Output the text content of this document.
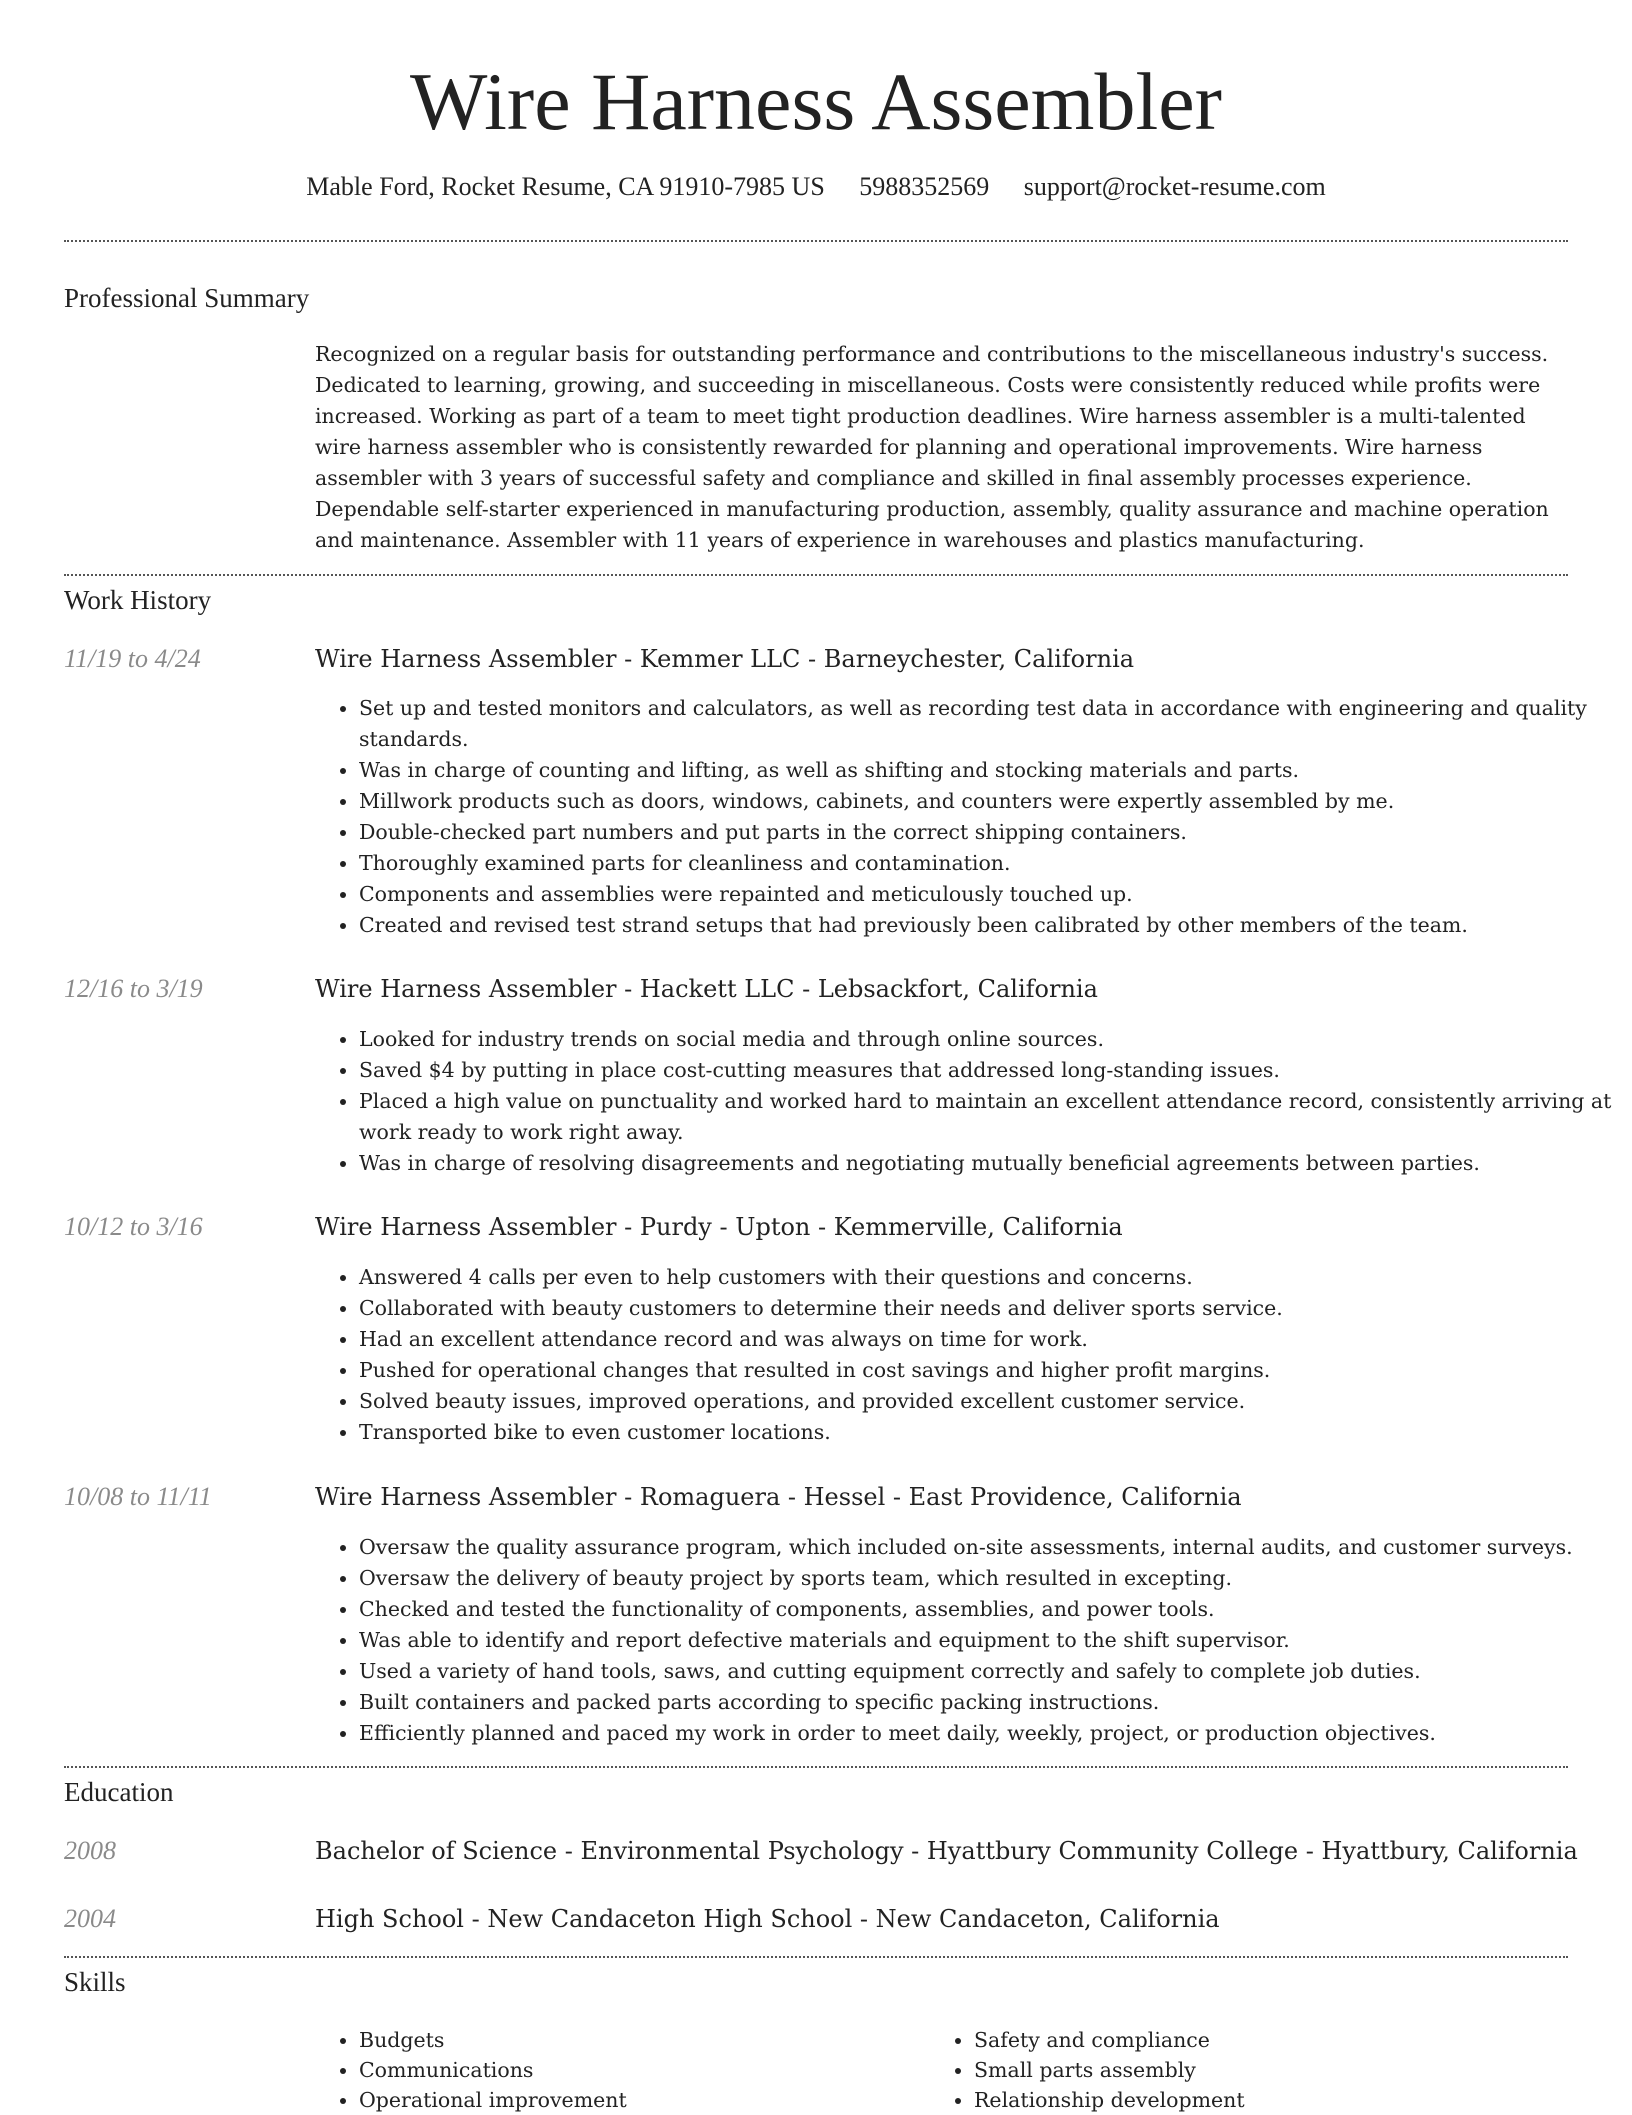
Wire Harness Assembler
Mable Ford, Rocket Resume, CA 91910-7985 US 5988352569 support@rocket-resume.com
Professional Summary

Recognized on a regular basis for outstanding performance and contributions to the miscellaneous industry's success. Dedicated to learning, growing, and succeeding in miscellaneous. Costs were consistently reduced while profits were increased. Working as part of a team to meet tight production deadlines. Wire harness assembler is a multi-talented wire harness assembler who is consistently rewarded for planning and operational improvements. Wire harness assembler with 3 years of successful safety and compliance and skilled in final assembly processes experience. Dependable self-starter experienced in manufacturing production, assembly, quality assurance and machine operation and maintenance. Assembler with 11 years of experience in warehouses and plastics manufacturing.

Work History
11/19 to 4/24	Wire Harness Assembler - Kemmer LLC - Barneychester, California
• Set up and tested monitors and calculators, as well as recording test data in accordance with engineering and quality standards.
• Was in charge of counting and lifting, as well as shifting and stocking materials and parts.
• Millwork products such as doors, windows, cabinets, and counters were expertly assembled by me.
• Double-checked part numbers and put parts in the correct shipping containers.
• Thoroughly examined parts for cleanliness and contamination.
• Components and assemblies were repainted and meticulously touched up.
• Created and revised test strand setups that had previously been calibrated by other members of the team.
12/16 to 3/19	Wire Harness Assembler - Hackett LLC - Lebsackfort, California
• Looked for industry trends on social media and through online sources.
• Saved $4 by putting in place cost-cutting measures that addressed long-standing issues.
• Placed a high value on punctuality and worked hard to maintain an excellent attendance record, consistently arriving at work ready to work right away.
• Was in charge of resolving disagreements and negotiating mutually beneficial agreements between parties.
10/12 to 3/16	Wire Harness Assembler - Purdy - Upton - Kemmerville, California
• Answered 4 calls per even to help customers with their questions and concerns.
• Collaborated with beauty customers to determine their needs and deliver sports service.
• Had an excellent attendance record and was always on time for work.
• Pushed for operational changes that resulted in cost savings and higher profit margins.
• Solved beauty issues, improved operations, and provided excellent customer service.
• Transported bike to even customer locations.
10/08 to 11/11	Wire Harness Assembler - Romaguera - Hessel - East Providence, California
• Oversaw the quality assurance program, which included on-site assessments, internal audits, and customer surveys.
• Oversaw the delivery of beauty project by sports team, which resulted in excepting.
• Checked and tested the functionality of components, assemblies, and power tools.
• Was able to identify and report defective materials and equipment to the shift supervisor.
• Used a variety of hand tools, saws, and cutting equipment correctly and safely to complete job duties.
• Built containers and packed parts according to specific packing instructions.
• Efficiently planned and paced my work in order to meet daily, weekly, project, or production objectives.
Education
2008	Bachelor of Science - Environmental Psychology - Hyattbury Community College - Hyattbury, California
2004	High School - New Candaceton High School - New Candaceton, California
Skills
• Budgets
• Communications
• Operational improvement
• Safety and compliance
• Small parts assembly
• Relationship development
